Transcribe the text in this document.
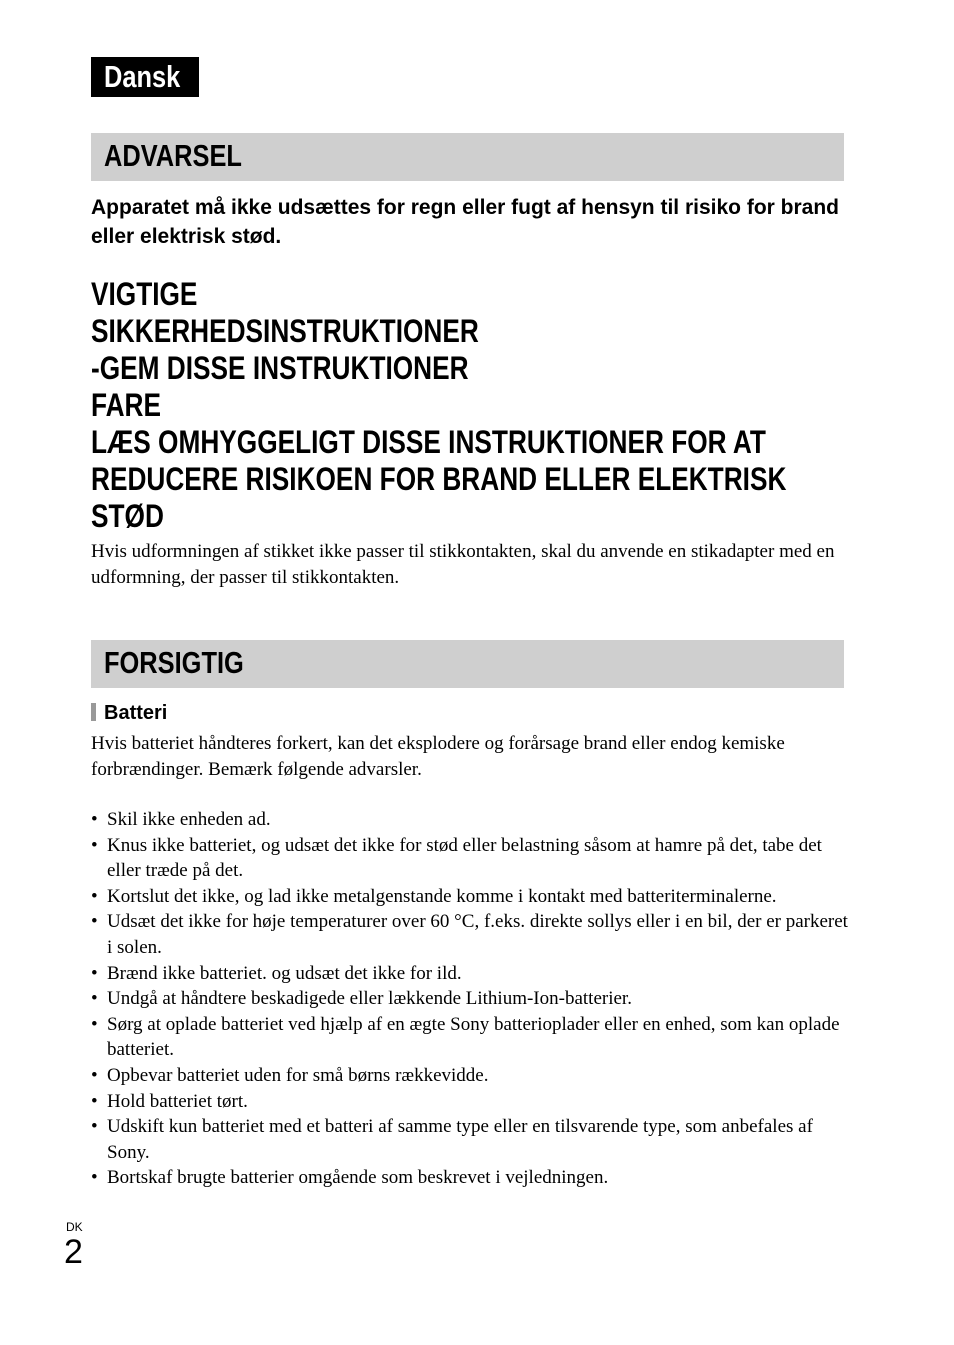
Dansk
ADVARSEL
Apparatet må ikke udsættes for regn eller fugt af hensyn til risiko for brand eller elektrisk stød.
VIGTIGE
SIKKERHEDSINSTRUKTIONER
-GEM DISSE INSTRUKTIONER
FARE
LÆS OMHYGGELIGT DISSE INSTRUKTIONER FOR AT
REDUCERE RISIKOEN FOR BRAND ELLER ELEKTRISK
STØD
Hvis udformningen af stikket ikke passer til stikkontakten, skal du anvende en stikadapter med en udformning, der passer til stikkontakten.
FORSIGTIG
Batteri
Hvis batteriet håndteres forkert, kan det eksplodere og forårsage brand eller endog kemiske forbrændinger. Bemærk følgende advarsler.
• Skil ikke enheden ad.
• Knus ikke batteriet, og udsæt det ikke for stød eller belastning såsom at hamre på det, tabe det eller træde på det.
• Kortslut det ikke, og lad ikke metalgenstande komme i kontakt med batteriterminalerne.
• Udsæt det ikke for høje temperaturer over 60 °C, f.eks. direkte sollys eller i en bil, der er parkeret i solen.
• Brænd ikke batteriet. og udsæt det ikke for ild.
• Undgå at håndtere beskadigede eller lækkende Lithium-Ion-batterier.
• Sørg at oplade batteriet ved hjælp af en ægte Sony batterioplader eller en enhed, som kan oplade batteriet.
• Opbevar batteriet uden for små børns rækkevidde.
• Hold batteriet tørt.
• Udskift kun batteriet med et batteri af samme type eller en tilsvarende type, som anbefales af Sony.
• Bortskaf brugte batterier omgående som beskrevet i vejledningen.
DK
2
